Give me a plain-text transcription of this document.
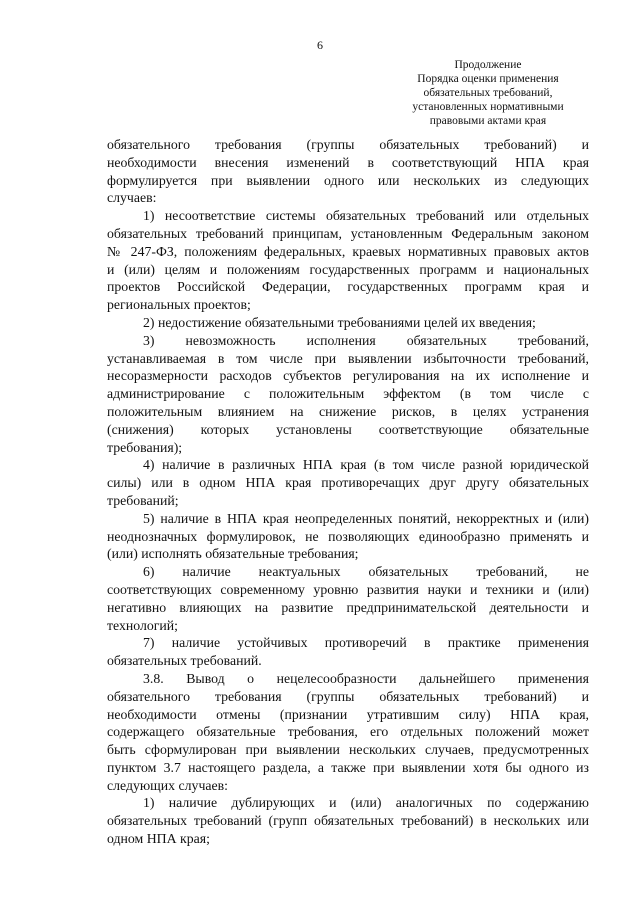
6
Продолжение
Порядка оценки применения
обязательных требований,
установленных нормативными
правовыми актами края
обязательного требования (группы обязательных требований) и
необходимости внесения изменений в соответствующий НПА края
формулируется при выявлении одного или нескольких из следующих
случаев:
1) несоответствие системы обязательных требований или отдельных
обязательных требований принципам, установленным Федеральным законом
№ 247-ФЗ, положениям федеральных, краевых нормативных правовых актов
и (или) целям и положениям государственных программ и национальных
проектов Российской Федерации, государственных программ края и
региональных проектов;
2) недостижение обязательными требованиями целей их введения;
3) невозможность исполнения обязательных требований,
устанавливаемая в том числе при выявлении избыточности требований,
несоразмерности расходов субъектов регулирования на их исполнение и
администрирование с положительным эффектом (в том числе с
положительным влиянием на снижение рисков, в целях устранения
(снижения) которых установлены соответствующие обязательные
требования);
4) наличие в различных НПА края (в том числе разной юридической
силы) или в одном НПА края противоречащих друг другу обязательных
требований;
5) наличие в НПА края неопределенных понятий, некорректных и (или)
неоднозначных формулировок, не позволяющих единообразно применять и
(или) исполнять обязательные требования;
6) наличие неактуальных обязательных требований, не
соответствующих современному уровню развития науки и техники и (или)
негативно влияющих на развитие предпринимательской деятельности и
технологий;
7) наличие устойчивых противоречий в практике применения
обязательных требований.
3.8. Вывод о нецелесообразности дальнейшего применения
обязательного требования (группы обязательных требований) и
необходимости отмены (признании утратившим силу) НПА края,
содержащего обязательные требования, его отдельных положений может
быть сформулирован при выявлении нескольких случаев, предусмотренных
пунктом 3.7 настоящего раздела, а также при выявлении хотя бы одного из
следующих случаев:
1) наличие дублирующих и (или) аналогичных по содержанию
обязательных требований (групп обязательных требований) в нескольких или
одном НПА края;
